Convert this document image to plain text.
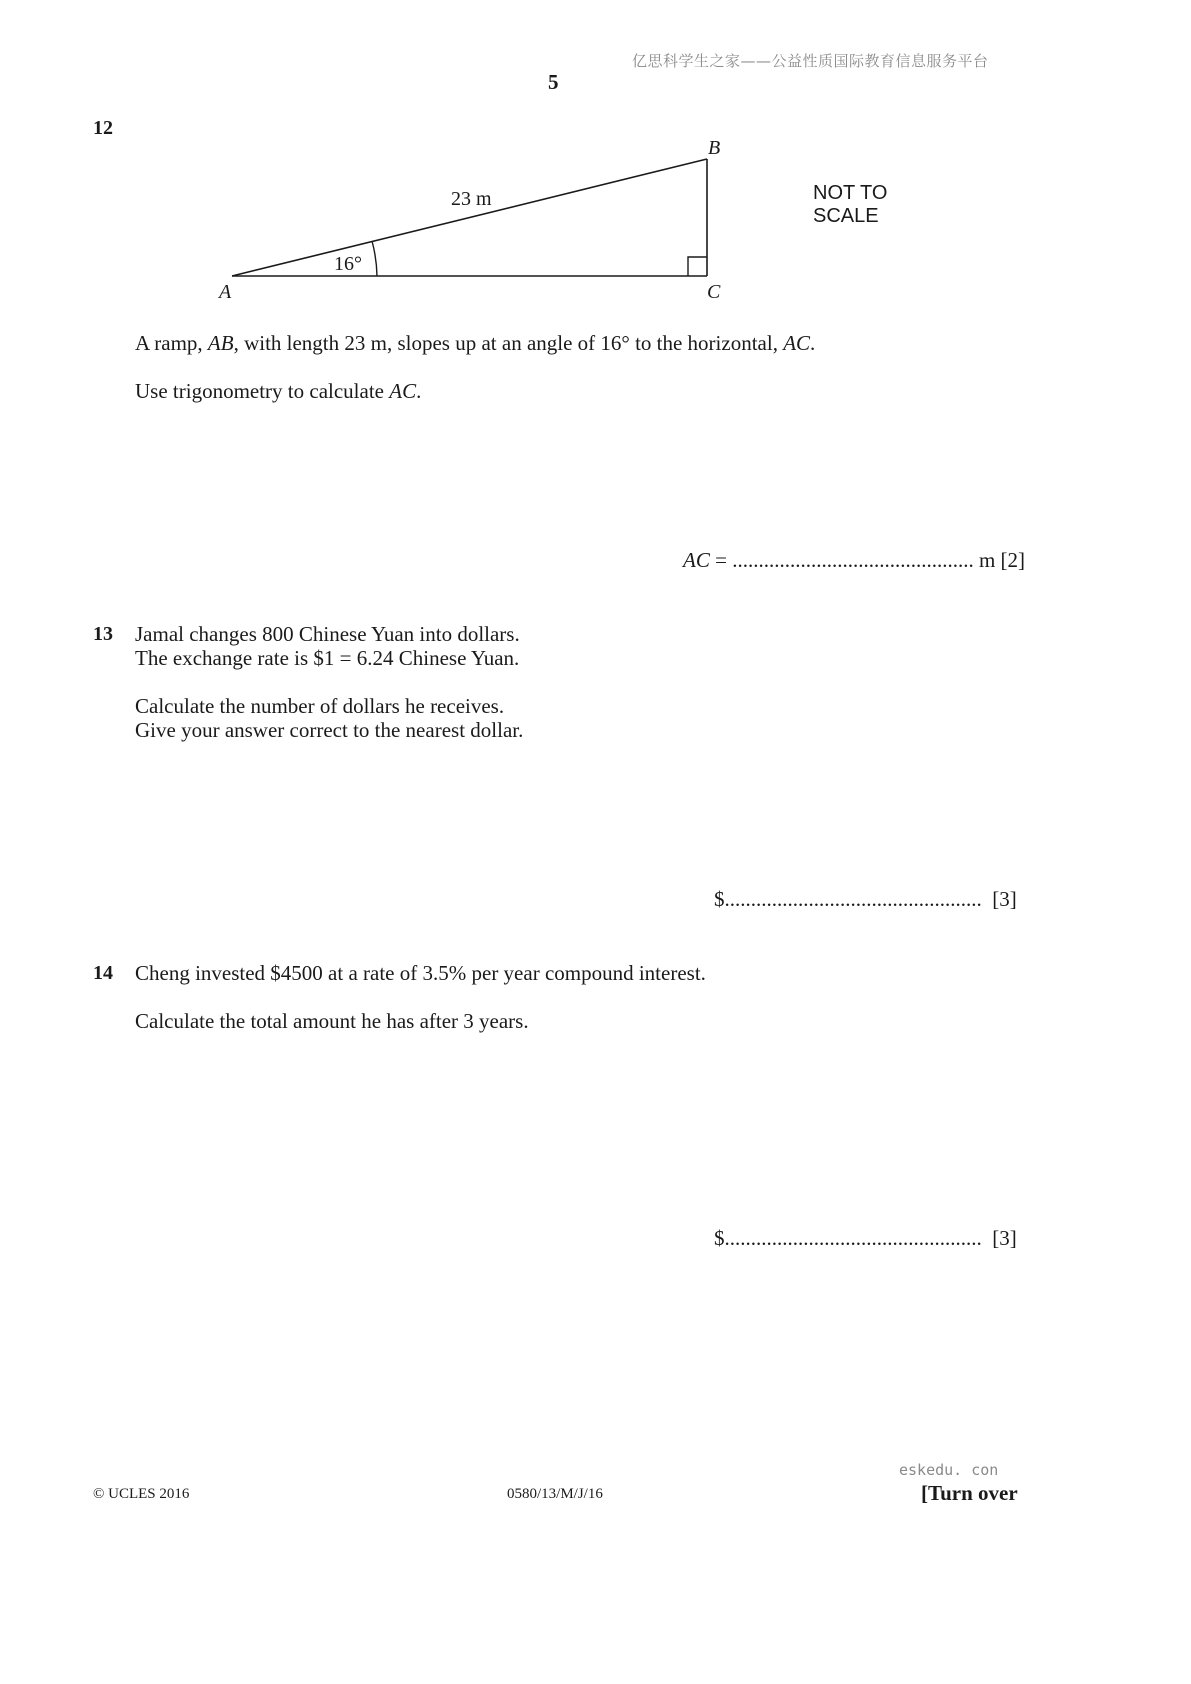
亿思科学生之家——公益性质国际教育信息服务平台
5
12
B
A	C
23 m
16°
NOT TO
SCALE
A ramp, AB, with length 23 m, slopes up at an angle of 16° to the horizontal, AC.
Use trigonometry to calculate AC.
AC = .............................................. m [2]
13 Jamal changes 800 Chinese Yuan into dollars.
The exchange rate is $1 = 6.24 Chinese Yuan.
Calculate the number of dollars he receives.
Give your answer correct to the nearest dollar.
$................................................. [3]
14 Cheng invested $4500 at a rate of 3.5% per year compound interest.
Calculate the total amount he has after 3 years.
$................................................. [3]
eskedu. con
© UCLES 2016	0580/13/M/J/16	[Turn over
